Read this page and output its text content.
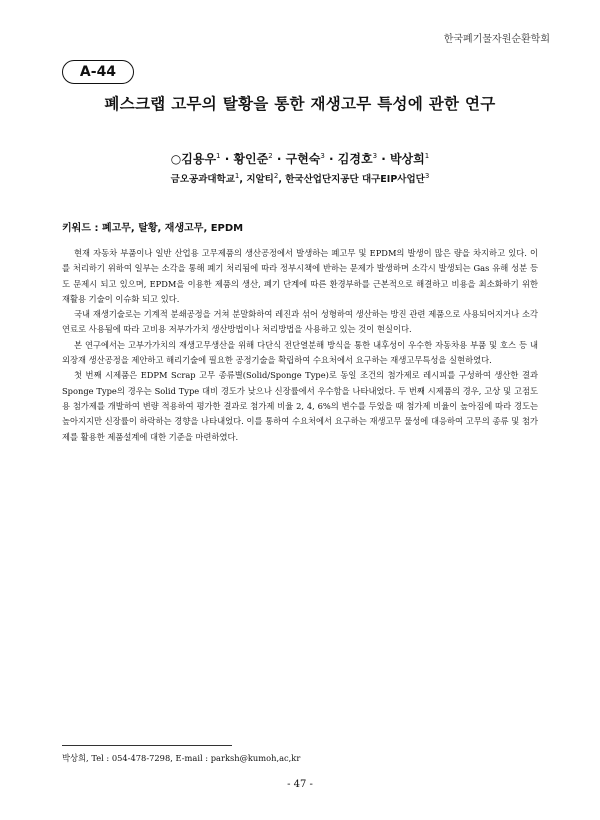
한국폐기물자원순환학회
A-44
폐스크랩 고무의 탈황을 통한 재생고무 특성에 관한 연구
○김용우$^1$ · 황인준$^2$ · 구현숙$^3$ · 김경호$^3$ · 박상희$^1$
금오공과대학교$^1$, 지알티$^2$, 한국산업단지공단 대구EIP사업단$^3$
키워드 : 폐고무, 탈황, 재생고무, EPDM

현재 자동차 부품이나 일반 산업용 고무제품의 생산공정에서 발생하는 폐고무 및 EPDM의 발생이 많은 량을 차지하고 있다. 이를 처리하기 위하여 일부는 소각을 통해 폐기 처리됨에 따라 정부시책에 반하는 문제가 발생하며 소각시 발생되는 Gas 유해 성분 등도 문제시 되고 있으며, EPDM을 이용한 제품의 생산, 폐기 단계에 따른 환경부하를 근본적으로 해결하고 비용을 최소화하기 위한 재활용 기술이 이슈화 되고 있다.

국내 재생기술로는 기계적 분쇄공정을 거쳐 분말화하여 레진과 섞어 성형하여 생산하는 방진 관련 제품으로 사용되어지거나 소각연료로 사용됨에 따라 고비용 저부가가치 생산방법이나 처리방법을 사용하고 있는 것이 현실이다.

본 연구에서는 고부가가치의 재생고무생산을 위해 다단식 전단열분해 방식을 통한 내후성이 우수한 자동차용 부품 및 호스 등 내외장재 생산공정을 제안하고 해리기술에 필요한 공정기술을 확립하여 수요처에서 요구하는 재생고무특성을 실현하였다.

첫 번째 시제품은 EDPM Scrap 고무 종류별(Solid/Sponge Type)로 동일 조건의 첨가제로 레시피를 구성하여 생산한 결과 Sponge Type의 경우는 Solid Type 대비 경도가 낮으나 신장률에서 우수함을 나타내었다. 두 번째 시제품의 경우, 고상 및 고점도용 첨가제를 개발하여 변량 적용하여 평가한 결과로 첨가제 비율 2, 4, 6%의 변수를 두었을 때 첨가제 비율이 높아짐에 따라 경도는 높아지지만 신장률이 하락하는 경향을 나타내었다. 이를 통하여 수요처에서 요구하는 재생고무 물성에 대응하여 고무의 종류 및 첨가제를 활용한 제품설계에 대한 기준을 마련하였다.

박상희, Tel : 054-478-7298, E-mail : parksh@kumoh,ac,kr
- 47 -
